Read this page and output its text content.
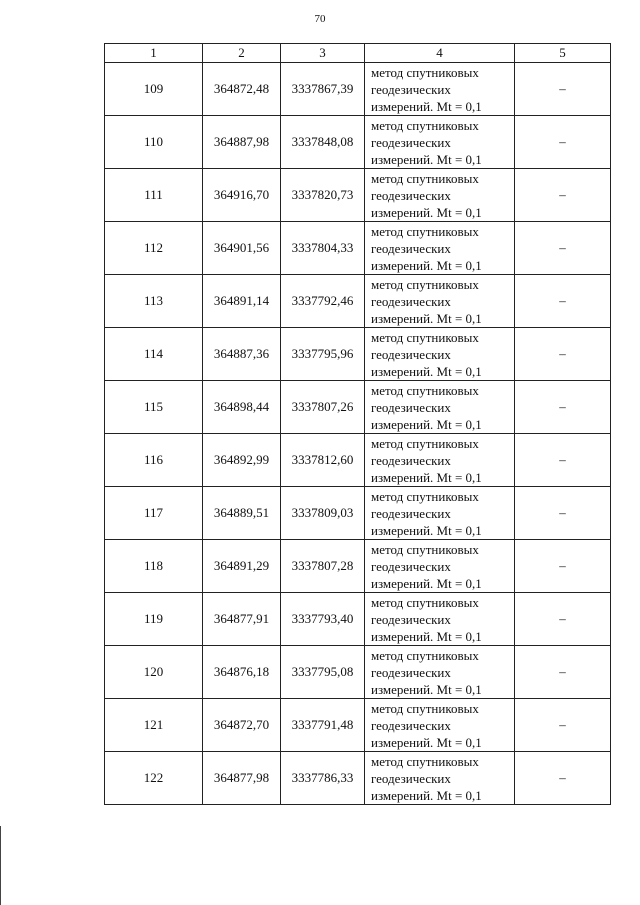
70
1	2	3	4	5
109	364872,48	3337867,39	метод спутниковых
геодезических
измерений. Mt = 0,1	–
110	364887,98	3337848,08	метод спутниковых
геодезических
измерений. Mt = 0,1	–
111	364916,70	3337820,73	метод спутниковых
геодезических
измерений. Mt = 0,1	–
112	364901,56	3337804,33	метод спутниковых
геодезических
измерений. Mt = 0,1	–
113	364891,14	3337792,46	метод спутниковых
геодезических
измерений. Mt = 0,1	–
114	364887,36	3337795,96	метод спутниковых
геодезических
измерений. Mt = 0,1	–
115	364898,44	3337807,26	метод спутниковых
геодезических
измерений. Mt = 0,1	–
116	364892,99	3337812,60	метод спутниковых
геодезических
измерений. Mt = 0,1	–
117	364889,51	3337809,03	метод спутниковых
геодезических
измерений. Mt = 0,1	–
118	364891,29	3337807,28	метод спутниковых
геодезических
измерений. Mt = 0,1	–
119	364877,91	3337793,40	метод спутниковых
геодезических
измерений. Mt = 0,1	–
120	364876,18	3337795,08	метод спутниковых
геодезических
измерений. Mt = 0,1	–
121	364872,70	3337791,48	метод спутниковых
геодезических
измерений. Mt = 0,1	–
122	364877,98	3337786,33	метод спутниковых
геодезических
измерений. Mt = 0,1	–
